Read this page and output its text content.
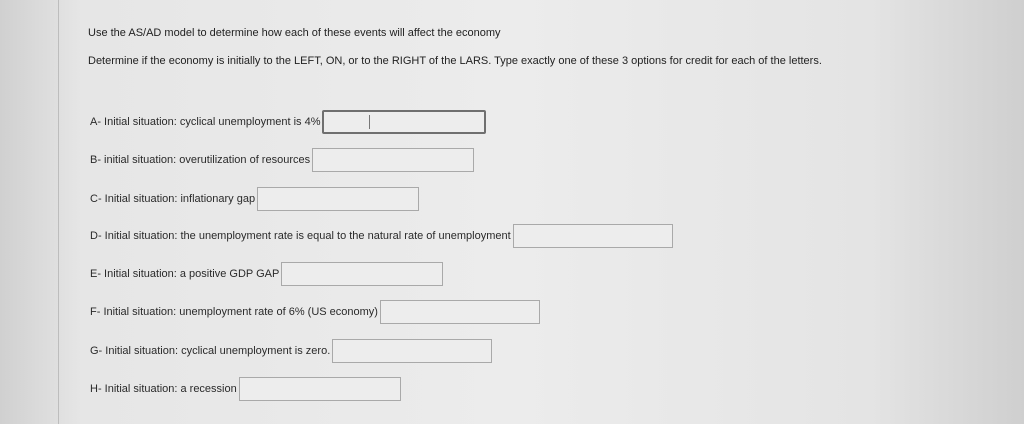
Use the AS/AD model to determine how each of these events will affect the economy
Determine if the economy is initially to the LEFT, ON, or to the RIGHT of the LARS. Type exactly one of these 3 options for credit for each of the letters.
A- Initial situation: cyclical unemployment is 4%
B- initial situation: overutilization of resources
C- Initial situation: inflationary gap
D- Initial situation: the unemployment rate is equal to the natural rate of unemployment
E- Initial situation: a positive GDP GAP
F- Initial situation: unemployment rate of 6% (US economy)
G- Initial situation: cyclical unemployment is zero.
H- Initial situation: a recession
